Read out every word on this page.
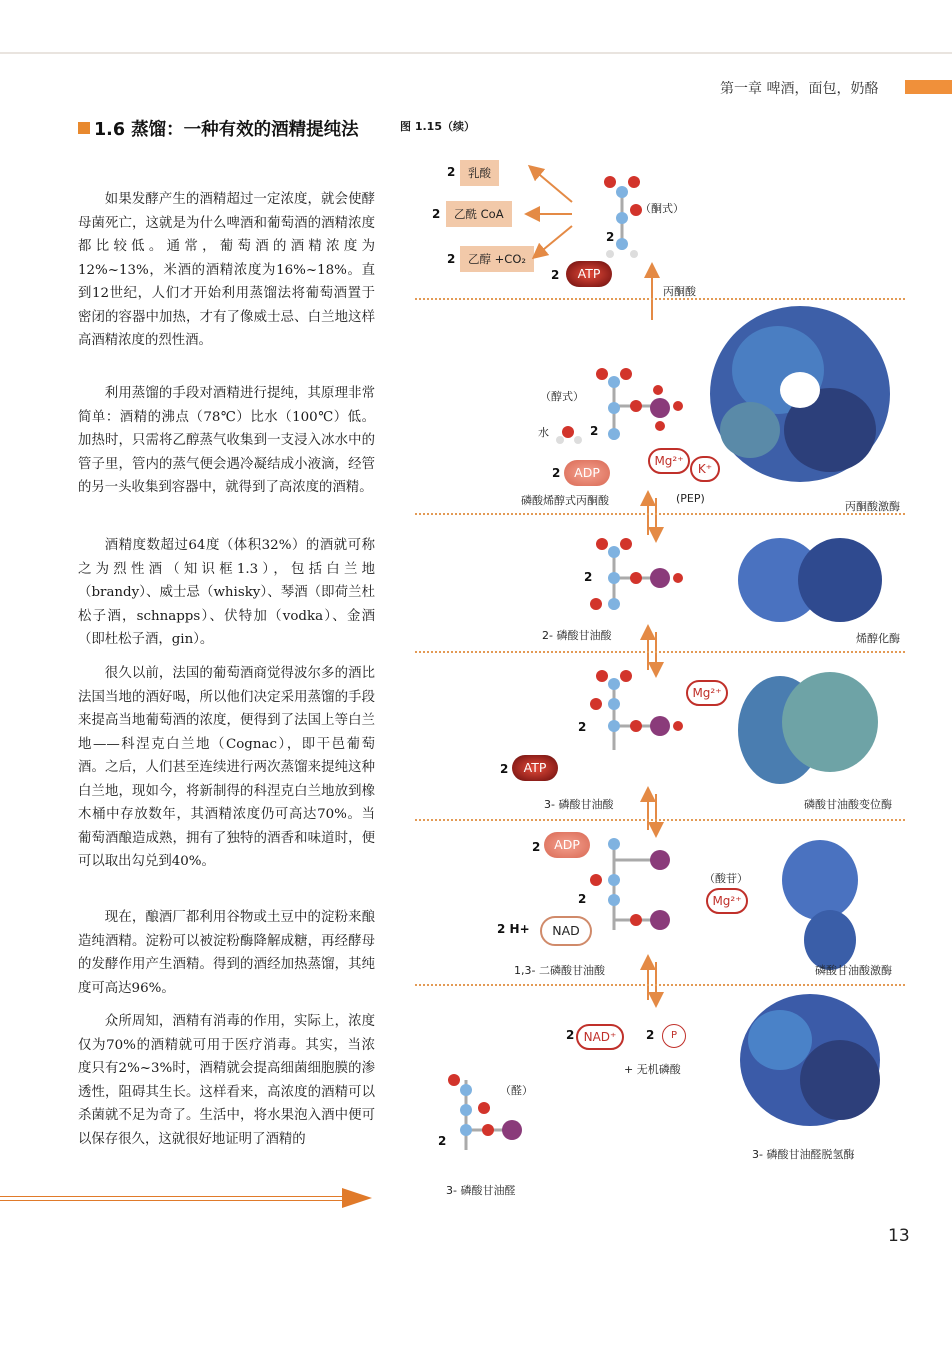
第一章 啤酒，面包，奶酪
1.6 蒸馏：一种有效的酒精提纯法

如果发酵产生的酒精超过一定浓度，就会使酵母菌死亡，这就是为什么啤酒和葡萄酒的酒精浓度都比较低。通常，葡萄酒的酒精浓度为12%~13%，米酒的酒精浓度为16%~18%。直到12世纪，人们才开始利用蒸馏法将葡萄酒置于密闭的容器中加热，才有了像威士忌、白兰地这样高酒精浓度的烈性酒。

利用蒸馏的手段对酒精进行提纯，其原理非常简单：酒精的沸点（78℃）比水（100℃）低。加热时，只需将乙醇蒸气收集到一支浸入冰水中的管子里，管内的蒸气便会遇冷凝结成小液滴，经管的另一头收集到容器中，就得到了高浓度的酒精。

酒精度数超过64度（体积32%）的酒就可称之为烈性酒（知识框1.3），包括白兰地（brandy）、威士忌（whisky）、琴酒（即荷兰杜松子酒，schnapps）、伏特加（vodka）、金酒（即杜松子酒，gin）。

很久以前，法国的葡萄酒商觉得波尔多的酒比法国当地的酒好喝，所以他们决定采用蒸馏的手段来提高当地葡萄酒的浓度，便得到了法国上等白兰地——科涅克白兰地（Cognac），即干邑葡萄酒。之后，人们甚至连续进行两次蒸馏来提纯这种白兰地，现如今，将新制得的科涅克白兰地放到橡木桶中存放数年，其酒精浓度仍可高达70%。当葡萄酒酿造成熟，拥有了独特的酒香和味道时，便可以取出勾兑到40%。

现在，酿酒厂都利用谷物或土豆中的淀粉来酿造纯酒精。淀粉可以被淀粉酶降解成糖，再经酵母的发酵作用产生酒精。得到的酒经加热蒸馏，其纯度可高达96%。

众所周知，酒精有消毒的作用，实际上，浓度仅为70%的酒精就可用于医疗消毒。其实，当浓度只有2%~3%时，酒精就会提高细菌细胞膜的渗透性，阻碍其生长。这样看来，高浓度的酒精可以杀菌就不足为奇了。生活中，将水果泡入酒中便可以保存很久，这就很好地证明了酒精的

13
图 1.15（续）
2	乳酸
2	乙酰 CoA
2	乙醇 +CO₂
（酮式）
丙酮酸
（醇式）
水
磷酸烯醇式丙酮酸	(PEP)
2- 磷酸甘油酸
3- 磷酸甘油酸
1,3- 二磷酸甘油酸
3- 磷酸甘油醛
+ 无机磷酸
（醛）
（酸苷）
2
2
2
2
2
2
2
2
2
2	2
2
2 H+
ATP
ADP
ATP
ADP
NAD
Mg²⁺
K⁺
Mg²⁺
Mg²⁺
NAD⁺	P
丙酮酸激酶
烯醇化酶
磷酸甘油酸变位酶
磷酸甘油酸激酶
3- 磷酸甘油醛脱氢酶
